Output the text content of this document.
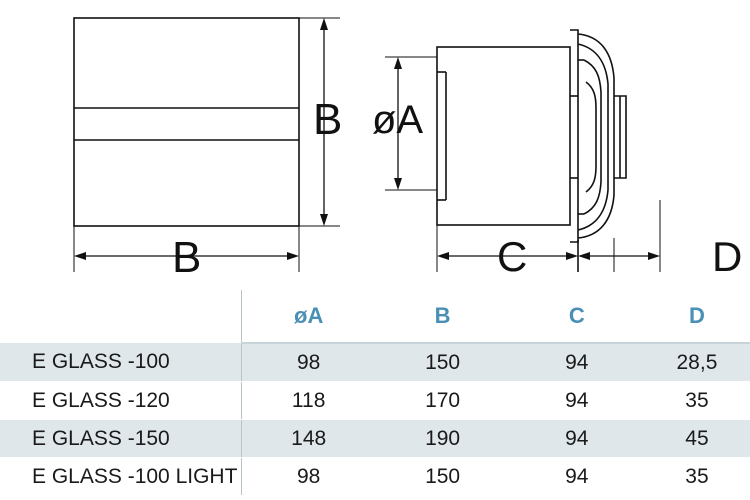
B
B
øA
C	D
	øA	B	C	D
E GLASS -100	98	150	94	28,5
E GLASS -120	118	170	94	35
E GLASS -150	148	190	94	45
E GLASS -100 LIGHT	98	150	94	35
